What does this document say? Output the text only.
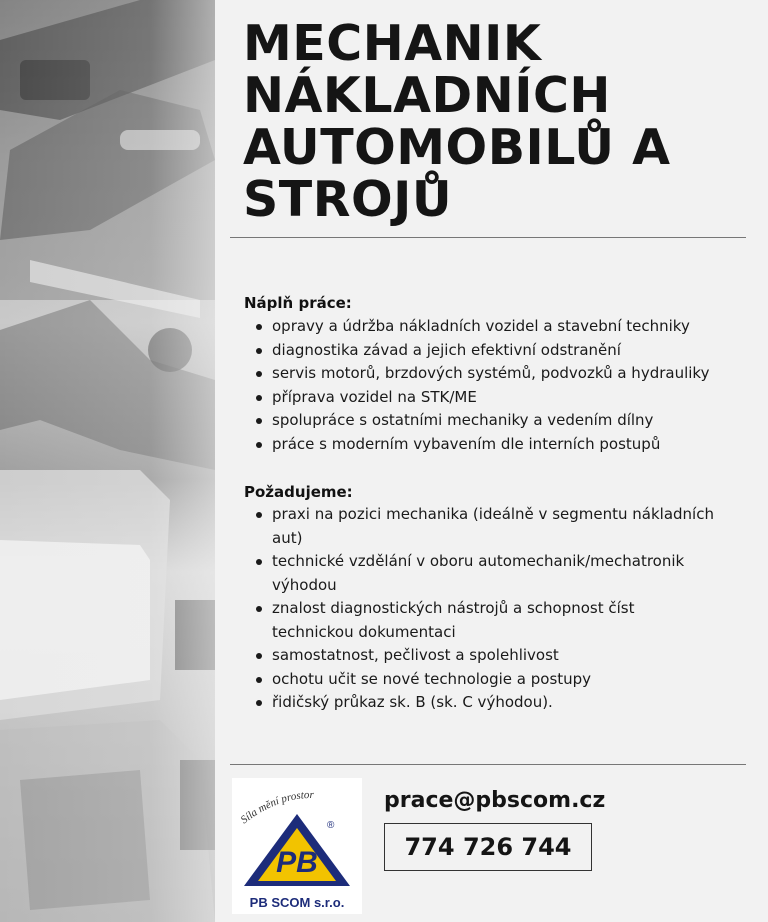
MECHANIK
NÁKLADNÍCH
AUTOMOBILŮ A
STROJŮ
Náplň práce:
opravy a údržba nákladních vozidel a stavební techniky
diagnostika závad a jejich efektivní odstranění
servis motorů, brzdových systémů, podvozků a hydrauliky
příprava vozidel na STK/ME
spolupráce s ostatními mechaniky a vedením dílny
práce s moderním vybavením dle interních postupů
Požadujeme:
praxi na pozici mechanika (ideálně v segmentu nákladních aut)
technické vzdělání v oboru automechanik/mechatronik výhodou
znalost diagnostických nástrojů a schopnost číst technickou dokumentaci
samostatnost, pečlivost a spolehlivost
ochotu učit se nové technologie a postupy
řidičský průkaz sk. B (sk. C výhodou).
Síla mění prostor
PB
®
PB SCOM s.r.o.
prace@pbscom.cz
774 726 744
